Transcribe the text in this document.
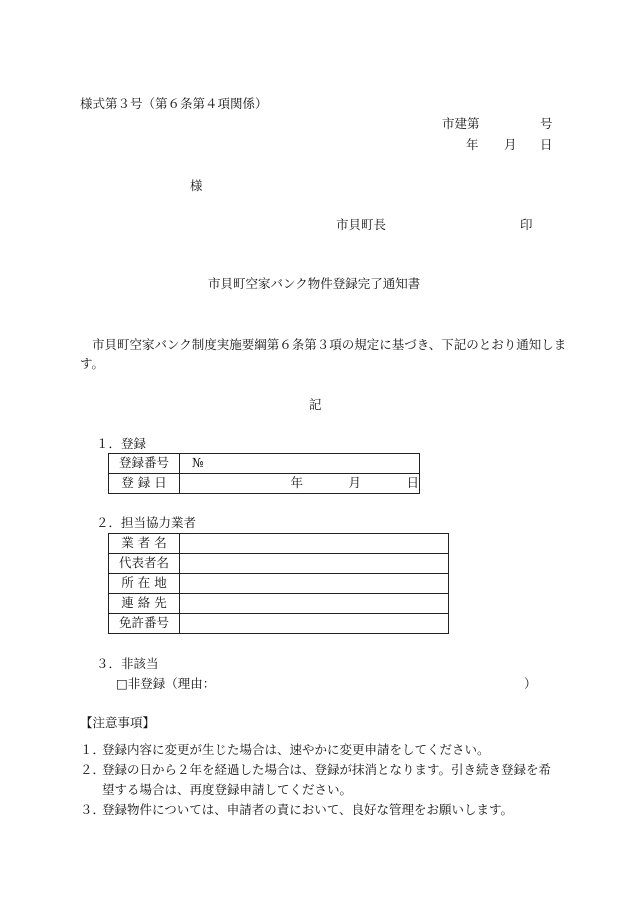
様式第３号（第６条第４項関係）
市建第	号
年 月 日
様
市貝町長	印
市貝町空家バンク物件登録完了通知書
市貝町空家バンク制度実施要綱第６条第３項の規定に基づき、下記のとおり通知しま
す。
記
１．登録
登録番号	№
登 録 日	年 月 日
２．担当協力業者
業 者 名	
代表者名	
所 在 地	
連 絡 先	
免許番号	
３．非該当
□非登録（理由：	）
【注意事項】
１．
登録内容に変更が生じた場合は、速やかに変更申請をしてください。
２．
登録の日から２年を経過した場合は、登録が抹消となります。引き続き登録を希望する場合は、再度登録申請してください。
３．
登録物件については、申請者の責において、良好な管理をお願いします。
